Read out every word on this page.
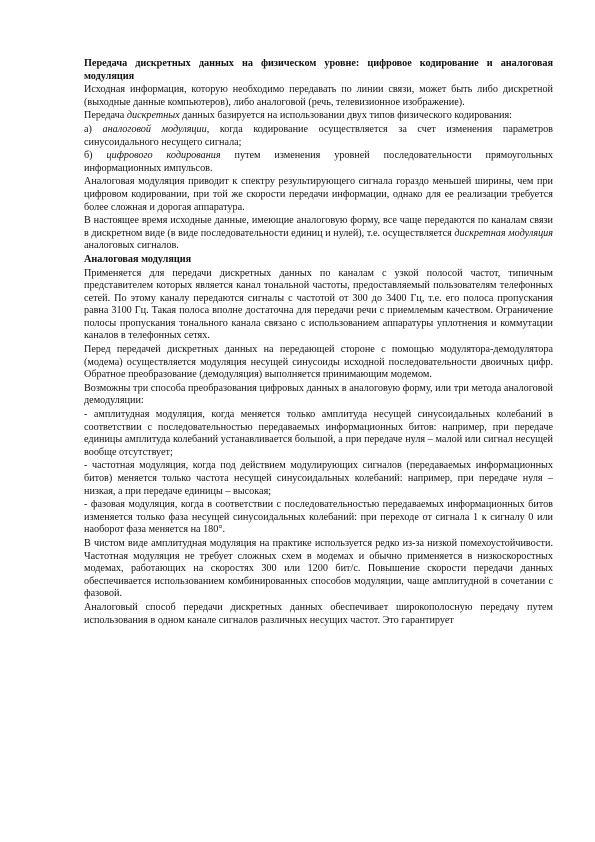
Передача дискретных данных на физическом уровне: цифровое кодирование и аналоговая модуляция

Исходная информация, которую необходимо передавать по линии связи, может быть либо дискретной (выходные данные компьютеров), либо аналоговой (речь, телевизионное изображение).

Передача дискретных данных базируется на использовании двух типов физического кодирования:

а) аналоговой модуляции, когда кодирование осуществляется за счет изменения параметров синусоидального несущего сигнала;

б) цифрового кодирования путем изменения уровней последовательности прямоугольных информационных импульсов.

Аналоговая модуляция приводит к спектру результирующего сигнала гораздо меньшей ширины, чем при цифровом кодировании, при той же скорости передачи информации, однако для ее реализации требуется более сложная и дорогая аппаратура.

В настоящее время исходные данные, имеющие аналоговую форму, все чаще передаются по каналам связи в дискретном виде (в виде последовательности единиц и нулей), т.е. осуществляется дискретная модуляция аналоговых сигналов.

Аналоговая модуляция

Применяется для передачи дискретных данных по каналам с узкой полосой частот, типичным представителем которых является канал тональной частоты, предоставляемый пользователям телефонных сетей. По этому каналу передаются сигналы с частотой от 300 до 3400 Гц, т.е. его полоса пропускания равна 3100 Гц. Такая полоса вполне достаточна для передачи речи с приемлемым качеством. Ограничение полосы пропускания тонального канала связано с использованием аппаратуры уплотнения и коммутации каналов в телефонных сетях.

Перед передачей дискретных данных на передающей стороне с помощью модулятора-демодулятора (модема) осуществляется модуляция несущей синусоиды исходной последовательности двоичных цифр. Обратное преобразование (демодуляция) выполняется принимающим модемом.

Возможны три способа преобразования цифровых данных в аналоговую форму, или три метода аналоговой демодуляции:

- амплитудная модуляция, когда меняется только амплитуда несущей синусоидальных колебаний в соответствии с последовательностью передаваемых информационных битов: например, при передаче единицы амплитуда колебаний устанавливается большой, а при передаче нуля – малой или сигнал несущей вообще отсутствует;

- частотная модуляция, когда под действием модулирующих сигналов (передаваемых информационных битов) меняется только частота несущей синусоидальных колебаний: например, при передаче нуля – низкая, а при передаче единицы – высокая;

- фазовая модуляция, когда в соответствии с последовательностью передаваемых информационных битов изменяется только фаза несущей синусоидальных колебаний: при переходе от сигнала 1 к сигналу 0 или наоборот фаза меняется на 180°.

В чистом виде амплитудная модуляция на практике используется редко из-за низкой помехоустойчивости. Частотная модуляция не требует сложных схем в модемах и обычно применяется в низкоскоростных модемах, работающих на скоростях 300 или 1200 бит/с. Повышение скорости передачи данных обеспечивается использованием комбинированных способов модуляции, чаще амплитудной в сочетании с фазовой.

Аналоговый способ передачи дискретных данных обеспечивает широкополосную передачу путем использования в одном канале сигналов различных несущих частот. Это гарантирует
